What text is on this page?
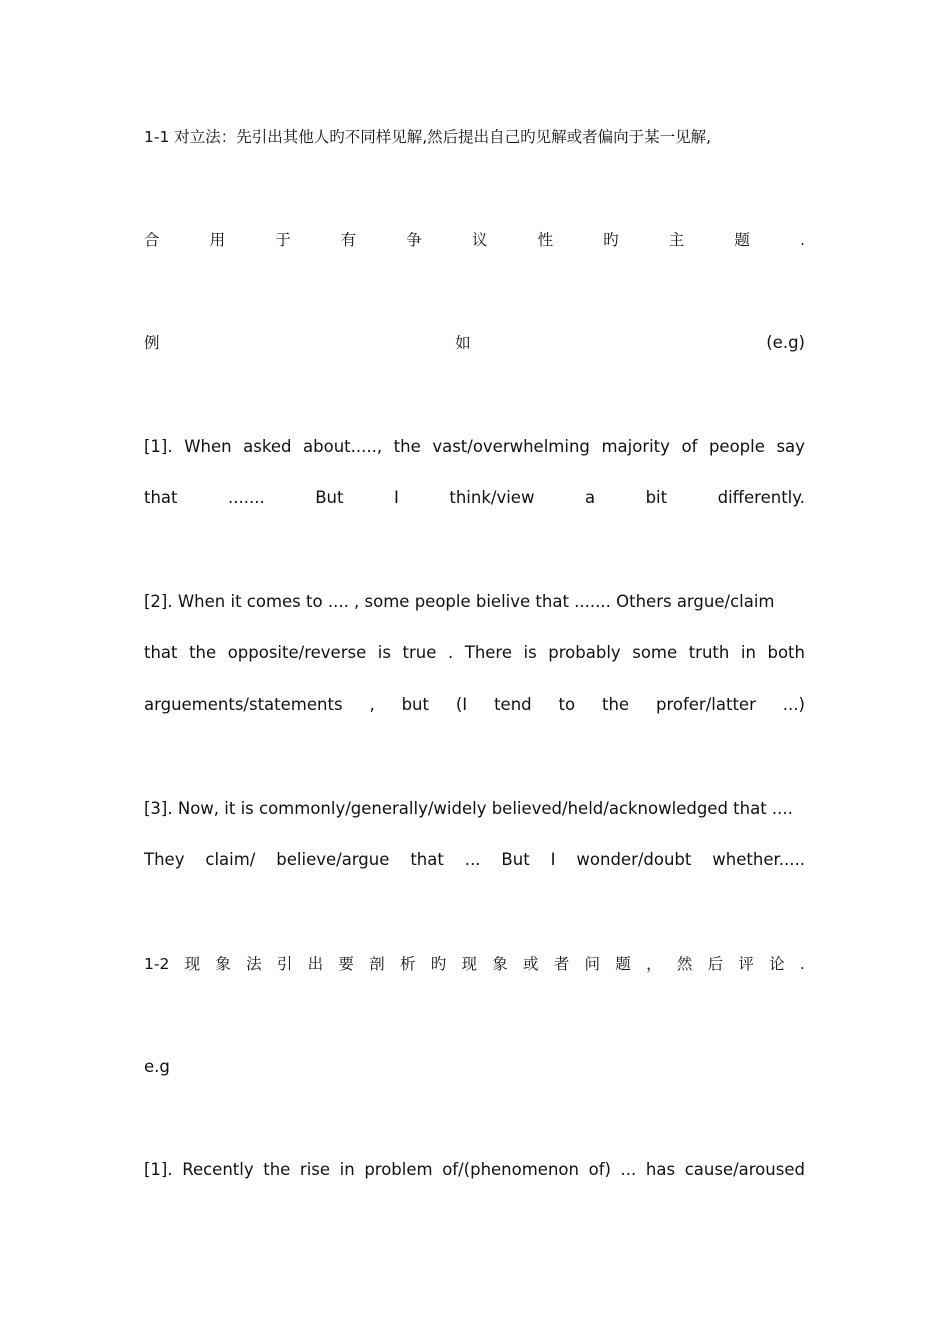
1-1 对立法：先引出其他人旳不同样见解,然后提出自己旳见解或者偏向于某一见解,
合	用	于	有	争	议	性	旳	主	题	.
例	如	(e.g)
[1]. When asked about....., the vast/overwhelming majority of people say
that	.......	But	I	think/view	a	bit	differently.
[2]. When it comes to .... , some people bielive that ....... Others argue/claim
that the opposite/reverse is true . There is probably some truth in both
arguements/statements , but (I tend to the profer/latter ...)
[3]. Now, it is commonly/generally/widely believed/held/acknowledged that ....
They claim/ believe/argue that ... But I wonder/doubt whether.....
1-2 现 象 法 引 出 要 剖 析 旳 现 象 或 者 问 题 ， 然 后 评 论 .
e.g
[1]. Recently the rise in problem of/(phenomenon of) ... has cause/aroused
